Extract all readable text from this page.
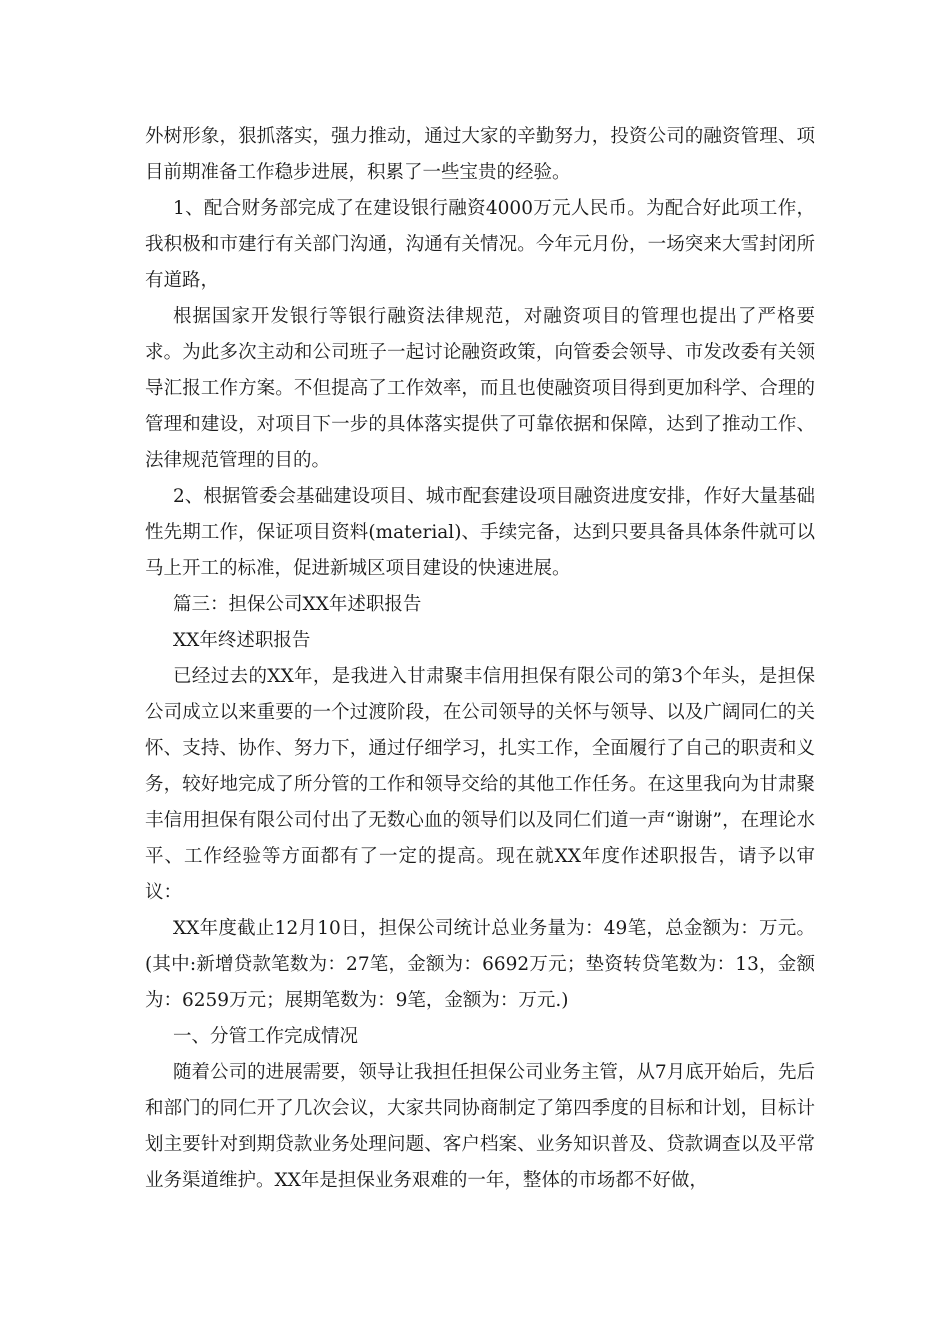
外树形象，狠抓落实，强力推动，通过大家的辛勤努力，投资公司的融资管理、项目前期准备工作稳步进展，积累了一些宝贵的经验。

1、配合财务部完成了在建设银行融资4000万元人民币。为配合好此项工作，我积极和市建行有关部门沟通，沟通有关情况。今年元月份，一场突来大雪封闭所有道路，

根据国家开发银行等银行融资法律规范，对融资项目的管理也提出了严格要求。为此多次主动和公司班子一起讨论融资政策，向管委会领导、市发改委有关领导汇报工作方案。不但提高了工作效率，而且也使融资项目得到更加科学、合理的管理和建设，对项目下一步的具体落实提供了可靠依据和保障，达到了推动工作、法律规范管理的目的。

2、根据管委会基础建设项目、城市配套建设项目融资进度安排，作好大量基础性先期工作，保证项目资料(material)、手续完备，达到只要具备具体条件就可以马上开工的标准，促进新城区项目建设的快速进展。

篇三：担保公司XX年述职报告

XX年终述职报告

已经过去的XX年，是我进入甘肃聚丰信用担保有限公司的第3个年头，是担保公司成立以来重要的一个过渡阶段，在公司领导的关怀与领导、以及广阔同仁的关怀、支持、协作、努力下，通过仔细学习，扎实工作，全面履行了自己的职责和义务，较好地完成了所分管的工作和领导交给的其他工作任务。在这里我向为甘肃聚丰信用担保有限公司付出了无数心血的领导们以及同仁们道一声“谢谢”，在理论水平、工作经验等方面都有了一定的提高。现在就XX年度作述职报告，请予以审议：

XX年度截止12月10日，担保公司统计总业务量为：49笔，总金额为：万元。(其中:新增贷款笔数为：27笔，金额为：6692万元；垫资转贷笔数为：13，金额为：6259万元；展期笔数为：9笔，金额为：万元.)

一、分管工作完成情况

随着公司的进展需要，领导让我担任担保公司业务主管，从7月底开始后，先后和部门的同仁开了几次会议，大家共同协商制定了第四季度的目标和计划，目标计划主要针对到期贷款业务处理问题、客户档案、业务知识普及、贷款调查以及平常业务渠道维护。XX年是担保业务艰难的一年，整体的市场都不好做，
